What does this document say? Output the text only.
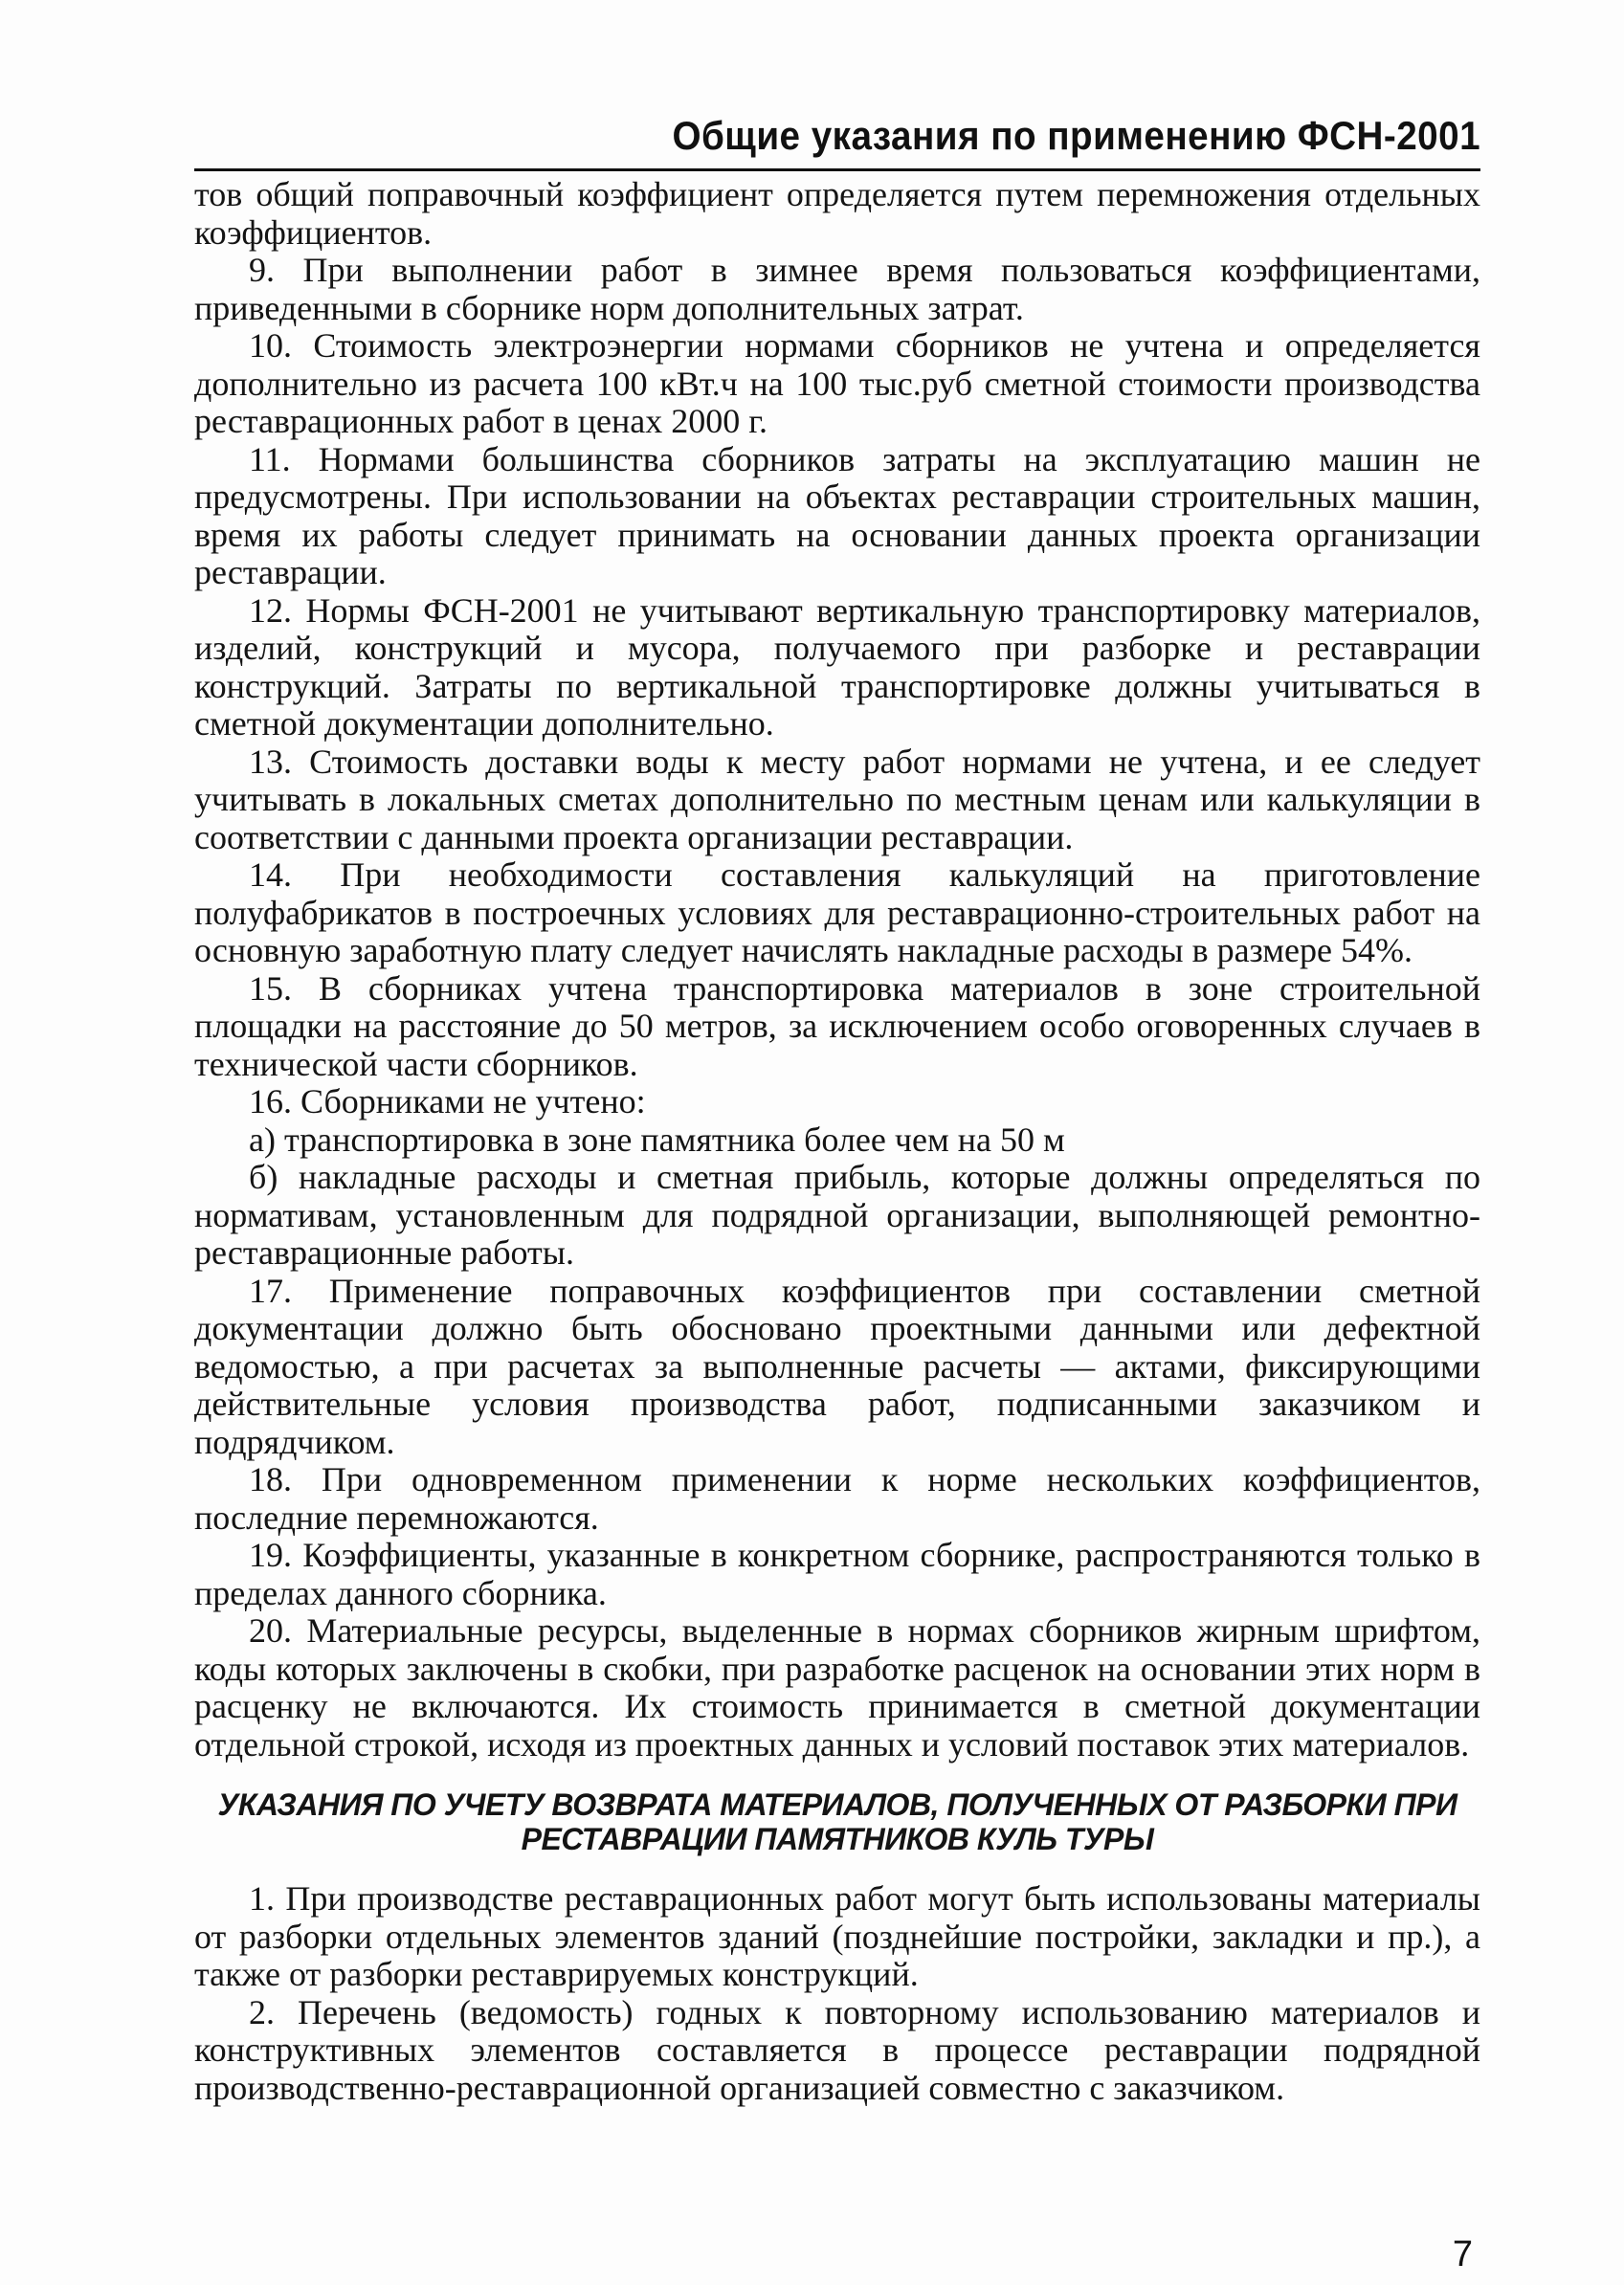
Общие указания по применению ФСН-2001

тов общий поправочный коэффициент определяется путем перемножения отдельных коэффициентов.

9. При выполнении работ в зимнее время пользоваться коэффициентами, приведенными в сборнике норм дополнительных затрат.

10. Стоимость электроэнергии нормами сборников не учтена и определяется дополнительно из расчета 100 кВт.ч на 100 тыс.руб сметной стоимости производства реставрационных работ в ценах 2000 г.

11. Нормами большинства сборников затраты на эксплуатацию машин не предусмотрены. При использовании на объектах реставрации строительных машин, время их работы следует принимать на основании данных проекта организации реставрации.

12. Нормы ФСН-2001 не учитывают вертикальную транспортировку материалов, изделий, конструкций и мусора, получаемого при разборке и реставрации конструкций. Затраты по вертикальной транспортировке должны учитываться в сметной документации дополнительно.

13. Стоимость доставки воды к месту работ нормами не учтена, и ее следует учитывать в локальных сметах дополнительно по местным ценам или калькуляции в соответствии с данными проекта организации реставрации.

14. При необходимости составления калькуляций на приготовление полуфабрикатов в построечных условиях для реставрационно-строительных работ на основную заработную плату следует начислять накладные расходы в размере 54%.

15. В сборниках учтена транспортировка материалов в зоне строительной площадки на расстояние до 50 метров, за исключением особо оговоренных случаев в технической части сборников.

16. Сборниками не учтено:

а) транспортировка в зоне памятника более чем на 50 м

б) накладные расходы и сметная прибыль, которые должны определяться по нормативам, установленным для подрядной организации, выполняющей ремонтно-реставрационные работы.

17. Применение поправочных коэффициентов при составлении сметной документации должно быть обосновано проектными данными или дефектной ведомостью, а при расчетах за выполненные расчеты — актами, фиксирующими действительные условия производства работ, подписанными заказчиком и подрядчиком.

18. При одновременном применении к норме нескольких коэффициентов, последние перемножаются.

19. Коэффициенты, указанные в конкретном сборнике, распространяются только в пределах данного сборника.

20. Материальные ресурсы, выделенные в нормах сборников жирным шрифтом, коды которых заключены в скобки, при разработке расценок на основании этих норм в расценку не включаются. Их стоимость принимается в сметной документации отдельной строкой, исходя из проектных данных и условий поставок этих материалов.

УКАЗАНИЯ ПО УЧЕТУ ВОЗВРАТА МАТЕРИАЛОВ, ПОЛУЧЕННЫХ ОТ РАЗБОРКИ ПРИ РЕСТАВРАЦИИ ПАМЯТНИКОВ КУЛЬ ТУРЫ

1. При производстве реставрационных работ могут быть использованы материалы от разборки отдельных элементов зданий (позднейшие постройки, закладки и пр.), а также от разборки реставрируемых конструкций.

2. Перечень (ведомость) годных к повторному использованию материалов и конструктивных элементов составляется в процессе реставрации подрядной производственно-реставрационной организацией совместно с заказчиком.

7
